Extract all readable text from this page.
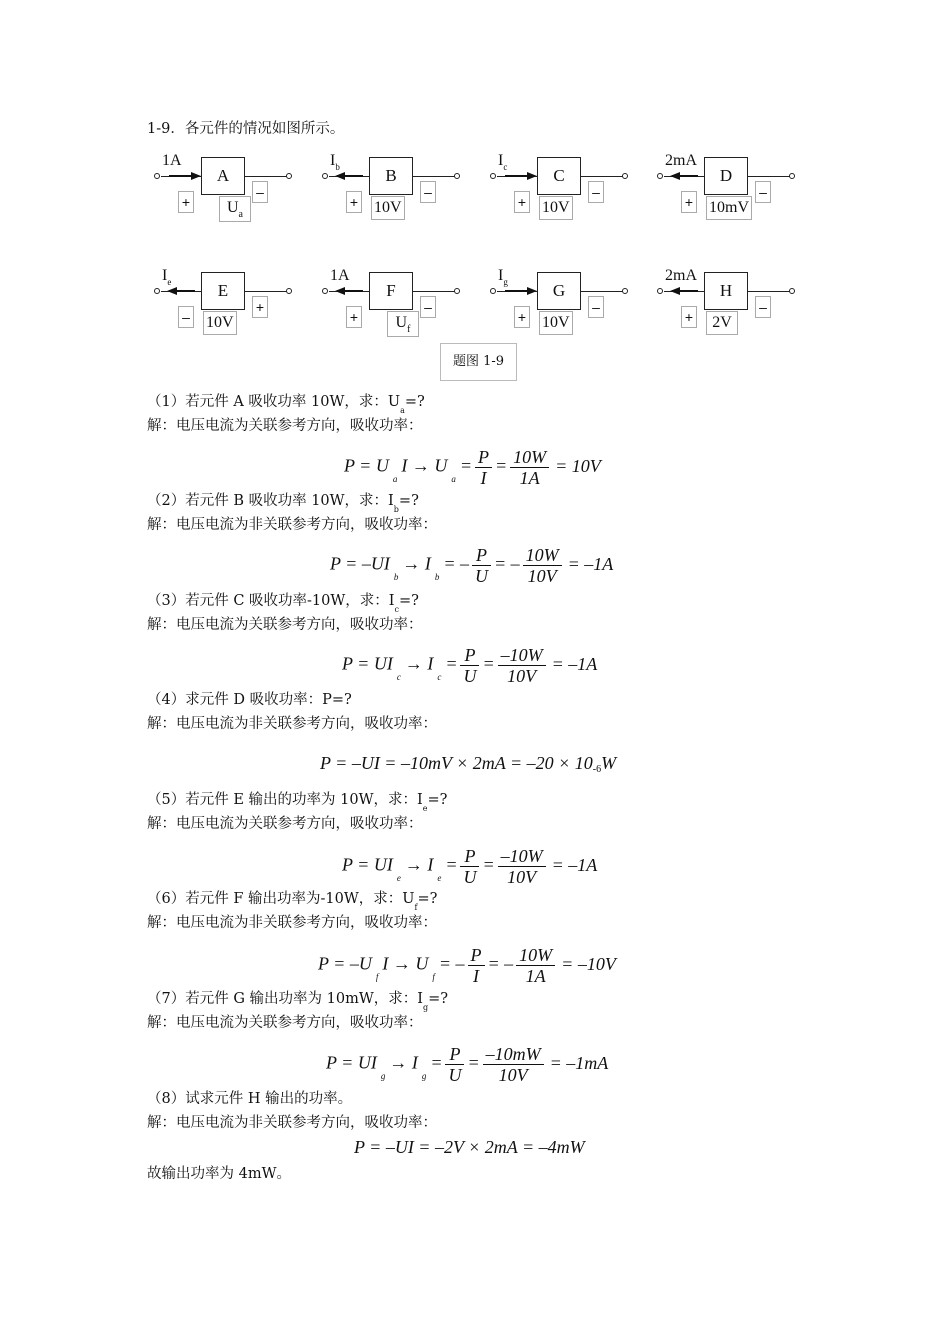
1-9．各元件的情况如图所示。
A
1A
+
–
$U_a$
B
$I_b$
+
–
10V
C
$I_c$
+
–
10V
D
2mA
+
–
10mV
E
$I_e$
–
+
10V
F
1A
+
–
$U_f$
G
$I_g$
+
–
10V
H
2mA
+
–
2V
题图 1-9
（1）若元件 A 吸收功率 10W，求：$U_a=$?
解：电压电流为关联参考方向，吸收功率：
$P = U_aI \to U_a= \frac{P}{I} = \frac{10W}{1A} = 10V$
（2）若元件 B 吸收功率 10W，求：$I_b=$?
解：电压电流为非关联参考方向，吸收功率：
$P = -UI_b\to I_b= - \frac{P}{U}$ = – $\frac{10W}{10V} = -1A$
（3）若元件 C 吸收功率-10W，求：$I_c=$?
解：电压电流为关联参考方向，吸收功率：
$P = UI_c\to I_c= \frac{P}{U} = \frac{-10W}{10V} = -1A$
（4）求元件 D 吸收功率：P=?
解：电压电流为非关联参考方向，吸收功率：
P = –UI = –10mV × 2mA = –20 × 10-6W
（5）若元件 E 输出的功率为 10W，求：$I_e=$?
解：电压电流为关联参考方向，吸收功率：
$P = UI_e\to I_e= \frac{P}{U} = \frac{-10W}{10V} = -1A$
（6）若元件 F 输出功率为-10W，求：$U_f=$?
解：电压电流为非关联参考方向，吸收功率：
$P = -U_fI \to U_f= - \frac{P}{I}$ = – $\frac{10W}{1A} = -10V$
（7）若元件 G 输出功率为 10mW，求：$I_g=$?
解：电压电流为关联参考方向，吸收功率：
$P = UI_g\to I_g= \frac{P}{U} = \frac{-10mW}{10V} = -1mA$
（8）试求元件 H 输出的功率。
解：电压电流为非关联参考方向，吸收功率：
P = –UI = –2V × 2mA = –4mW
故输出功率为 4mW。
